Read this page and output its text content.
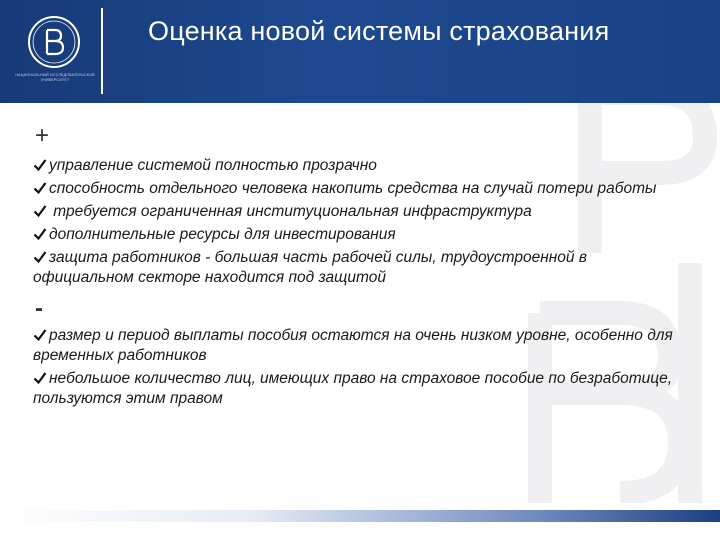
НАЦИОНАЛЬНЫЙ ИССЛЕДОВАТЕЛЬСКИЙ УНИВЕРСИТЕТ
Оценка новой системы страхования
+
управление системой полностью прозрачно
способность отдельного человека накопить средства на случай потери работы
требуется ограниченная институциональная инфраструктура
дополнительные ресурсы для инвестирования
защита работников - большая часть рабочей силы, трудоустроенной в официальном секторе находится под защитой
-
размер и период выплаты пособия остаются на очень низком уровне, особенно для временных работников
небольшое количество лиц, имеющих право на страховое пособие по безработице, пользуются этим правом
